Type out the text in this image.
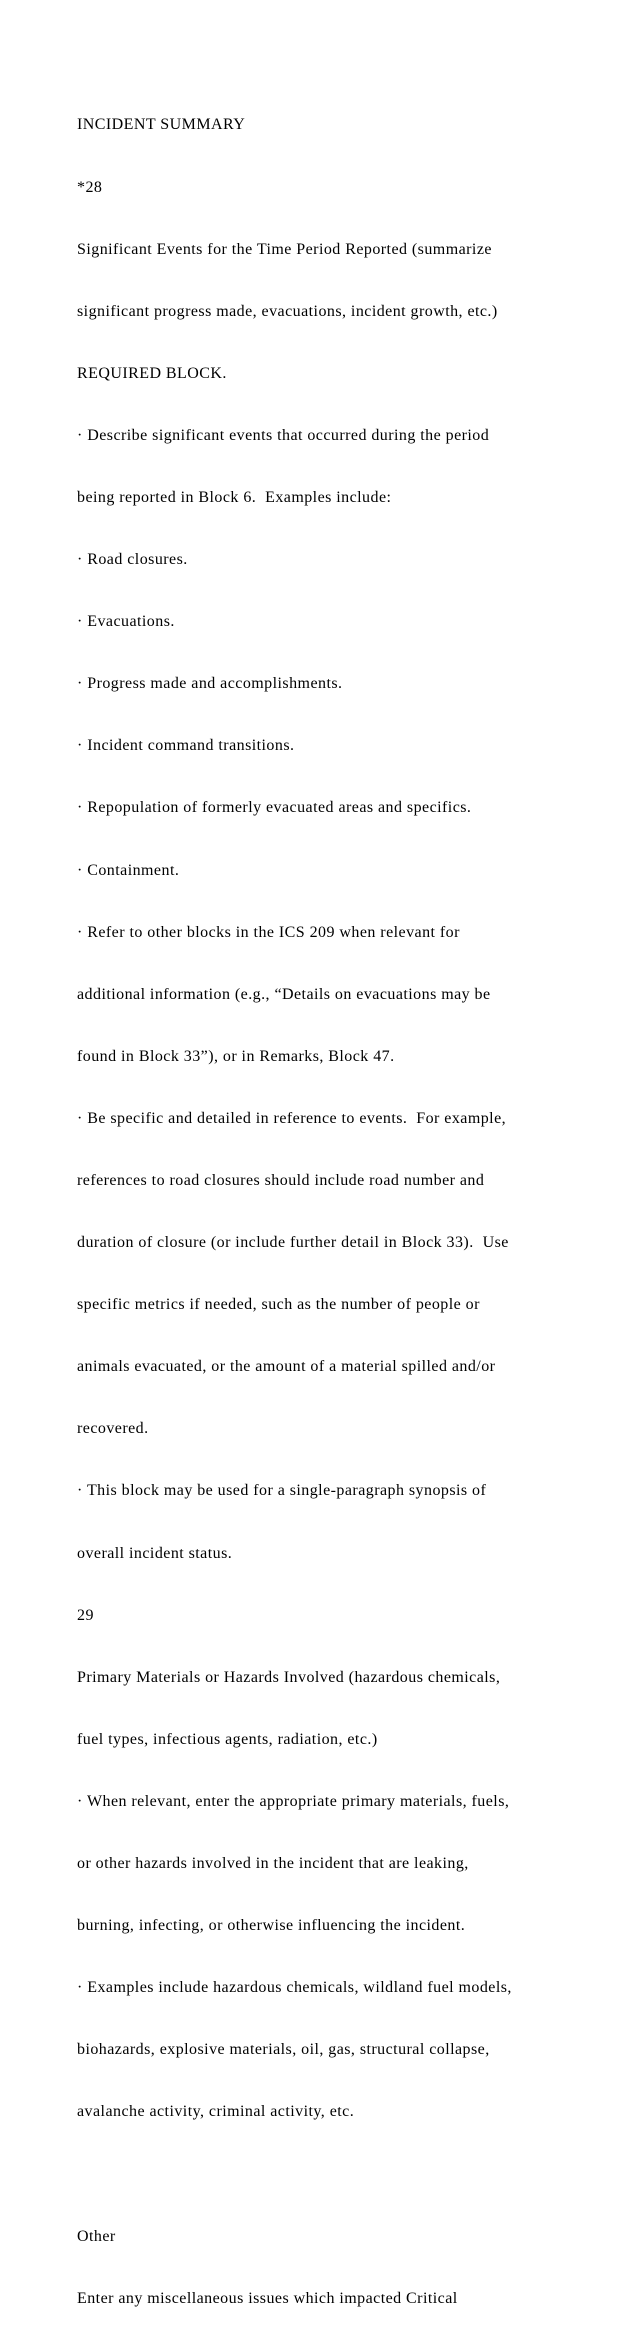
INCIDENT SUMMARY

*28

Significant Events for the Time Period Reported (summarize

significant progress made, evacuations, incident growth, etc.)

REQUIRED BLOCK.

· Describe significant events that occurred during the period

being reported in Block 6.  Examples include:

· Road closures.

· Evacuations.

· Progress made and accomplishments.

· Incident command transitions.

· Repopulation of formerly evacuated areas and specifics.

· Containment.

· Refer to other blocks in the ICS 209 when relevant for

additional information (e.g., “Details on evacuations may be

found in Block 33”), or in Remarks, Block 47.

· Be specific and detailed in reference to events.  For example,

references to road closures should include road number and

duration of closure (or include further detail in Block 33).  Use

specific metrics if needed, such as the number of people or

animals evacuated, or the amount of a material spilled and/or

recovered.

· This block may be used for a single-paragraph synopsis of

overall incident status.

29

Primary Materials or Hazards Involved (hazardous chemicals,

fuel types, infectious agents, radiation, etc.)

· When relevant, enter the appropriate primary materials, fuels,

or other hazards involved in the incident that are leaking,

burning, infecting, or otherwise influencing the incident.

· Examples include hazardous chemicals, wildland fuel models,

biohazards, explosive materials, oil, gas, structural collapse,

avalanche activity, criminal activity, etc.

Other

Enter any miscellaneous issues which impacted Critical
